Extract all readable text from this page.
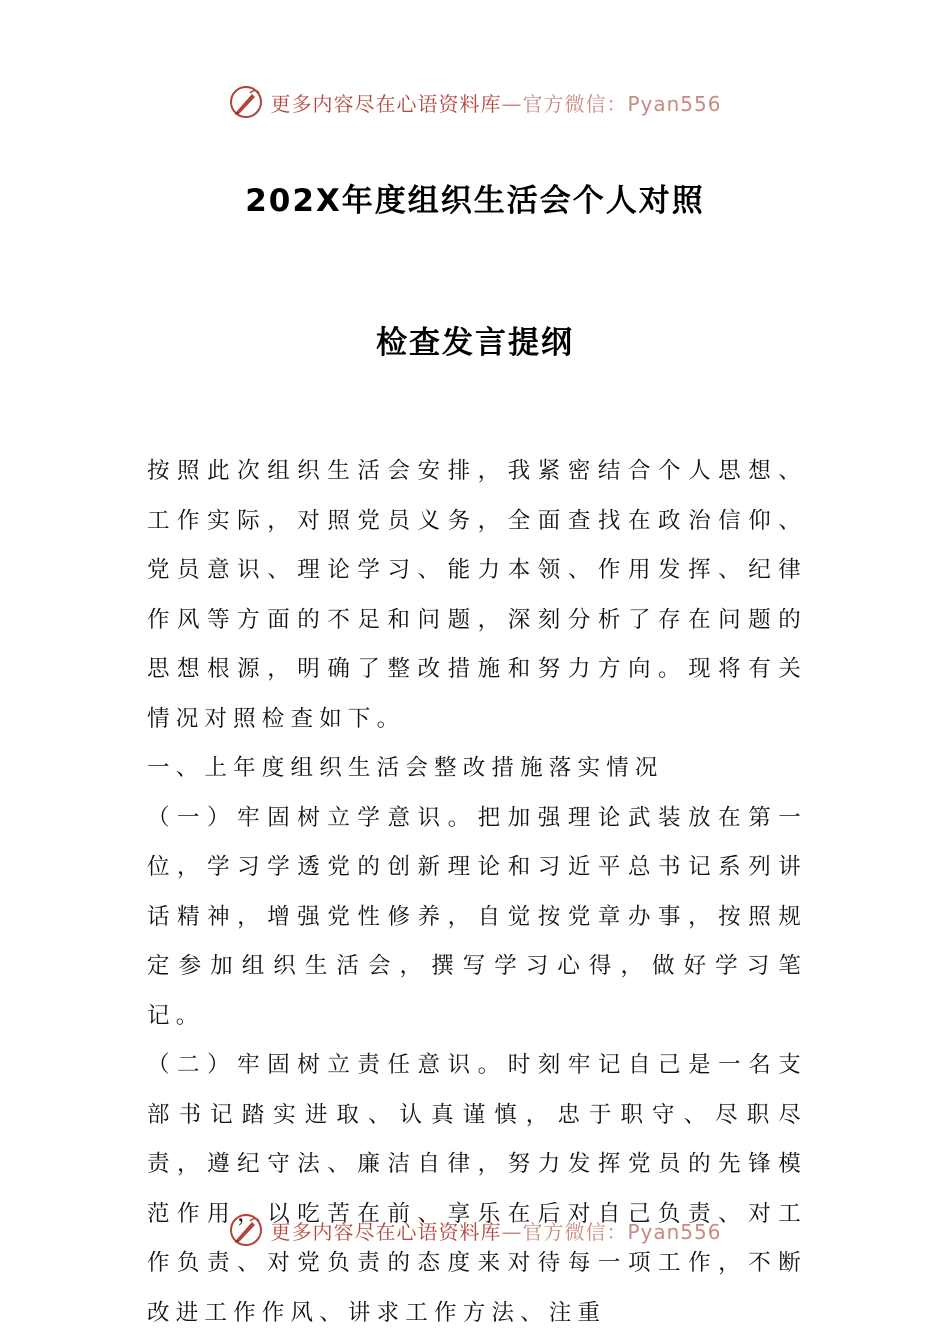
更多内容尽在心语资料库—官方微信：Pyan556
202X年度组织生活会个人对照
检查发言提纲

按照此次组织生活会安排，我紧密结合个人思想、工作实际，对照党员义务，全面查找在政治信仰、党员意识、理论学习、能力本领、作用发挥、纪律作风等方面的不足和问题，深刻分析了存在问题的思想根源，明确了整改措施和努力方向。现将有关情况对照检查如下。

一、上年度组织生活会整改措施落实情况

（一）牢固树立学意识。把加强理论武装放在第一位，学习学透党的创新理论和习近平总书记系列讲话精神，增强党性修养，自觉按党章办事，按照规定参加组织生活会，撰写学习心得，做好学习笔记。

（二）牢固树立责任意识。时刻牢记自己是一名支部书记踏实进取、认真谨慎，忠于职守、尽职尽责，遵纪守法、廉洁自律，努力发挥党员的先锋模范作用，以吃苦在前、享乐在后对自己负责、对工作负责、对党负责的态度来对待每一项工作，不断改进工作作风、讲求工作方法、注重

更多内容尽在心语资料库—官方微信：Pyan556
